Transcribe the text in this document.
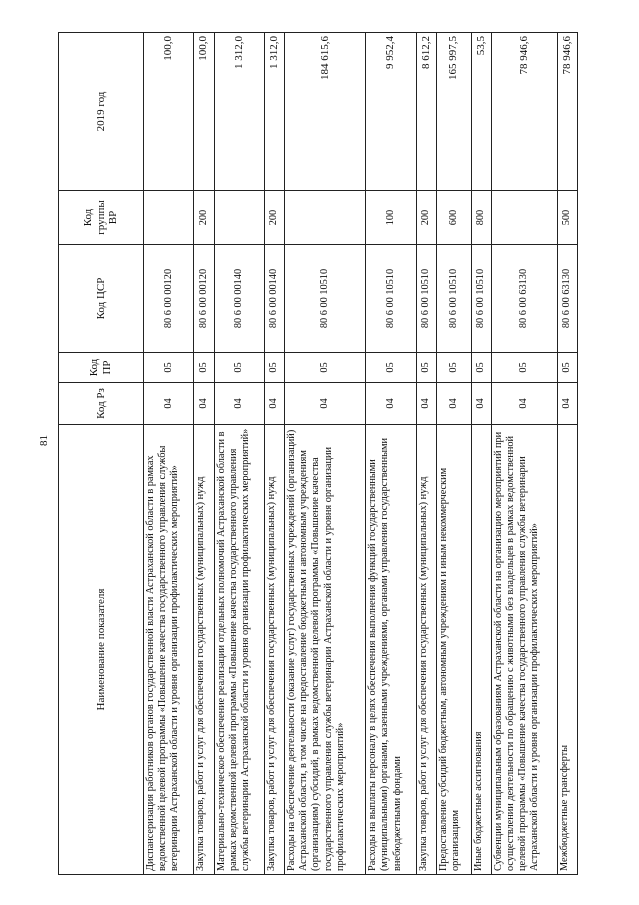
81
Наименование показателя	Код Рз	Код ПР	Код ЦСР	Код группы ВР	2019 год
Диспансеризация работников органов государственной власти Астраханской области в рамках ведомственной целевой программы «Повышение качества государственного управления службы ветеринарии Астраханской области и уровня организации профилактических мероприятий»	04	05	80 6 00 00120		100,0
Закупка товаров, работ и услуг для обеспечения государственных (муниципальных) нужд	04	05	80 6 00 00120	200	100,0
Материально-техническое обеспечение реализации отдельных полномочий Астраханской области в рамках ведомственной целевой программы «Повышение качества государственного управления службы ветеринарии Астраханской области и уровня организации профилактических мероприятий»	04	05	80 6 00 00140		1 312,0
Закупка товаров, работ и услуг для обеспечения государственных (муниципальных) нужд	04	05	80 6 00 00140	200	1 312,0
Расходы на обеспечение деятельности (оказание услуг) государственных учреждений (организаций) Астраханской области, в том числе на предоставление бюджетным и автономным учреждениям (организациям) субсидий, в рамках ведомственной целевой программы «Повышение качества государственного управления службы ветеринарии Астраханской области и уровня организации профилактических мероприятий»	04	05	80 6 00 10510		184 615,6
Расходы на выплаты персоналу в целях обеспечения выполнения функций государственными (муниципальными) органами, казенными учреждениями, органами управления государственными внебюджетными фондами	04	05	80 6 00 10510	100	9 952,4
Закупка товаров, работ и услуг для обеспечения государственных (муниципальных) нужд	04	05	80 6 00 10510	200	8 612,2
Предоставление субсидий бюджетным, автономным учреждениям и иным некоммерческим организациям	04	05	80 6 00 10510	600	165 997,5
Иные бюджетные ассигнования	04	05	80 6 00 10510	800	53,5
Субвенции муниципальным образованиям Астраханской области на организацию мероприятий при осуществлении деятельности по обращению с животными без владельцев в рамках ведомственной целевой программы «Повышение качества государственного управления службы ветеринарии Астраханской области и уровня организации профилактических мероприятий»	04	05	80 6 00 63130		78 946,6
Межбюджетные трансферты	04	05	80 6 00 63130	500	78 946,6
